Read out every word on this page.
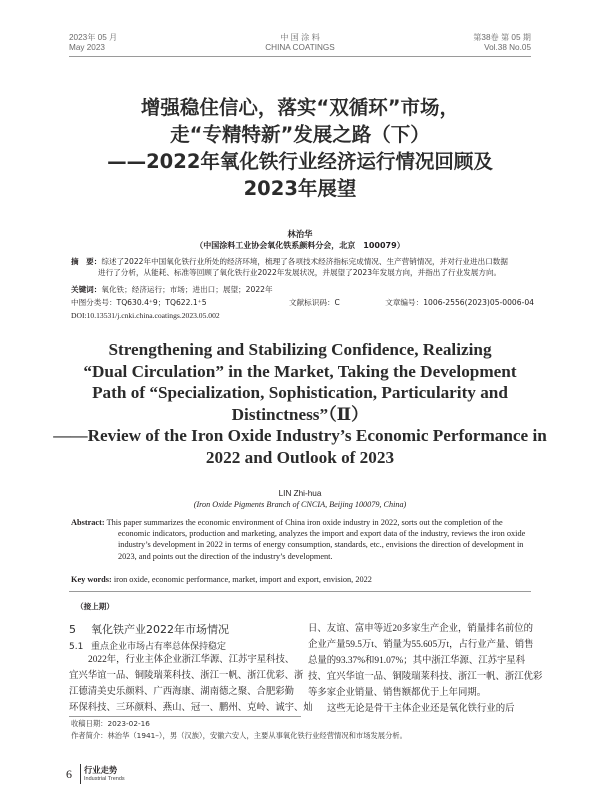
2023年 05 月
May 2023
中 国 涂 料
CHINA COATINGS
第38卷 第 05 期
Vol.38 No.05
增强稳住信心，落实“双循环”市场，
走“专精特新”发展之路（下）
——2022年氧化铁行业经济运行情况回顾及
2023年展望
林治华
（中国涂料工业协会氧化铁系颜料分会，北京　100079）
摘　要：综述了2022年中国氧化铁行业所处的经济环境，梳理了各项技术经济指标完成情况、生产营销情况，并对行业进出口数据
进行了分析，从能耗、标准等回顾了氧化铁行业2022年发展状况，并展望了2023年发展方向，并指出了行业发展方向。
关键词：氧化铁；经济运行；市场；进出口；展望；2022年
中图分类号：TQ630.4⁺9；TQ622.1⁺5	文献标识码：C	文章编号：1006-2556(2023)05-0006-04
DOI:10.13531/j.cnki.china.coatings.2023.05.002
Strengthening and Stabilizing Confidence, Realizing
“Dual Circulation” in the Market, Taking the Development
Path of “Specialization, Sophistication, Particularity and
Distinctness”（Ⅱ）
——Review of the Iron Oxide Industry’s Economic Performance in
2022 and Outlook of 2023
LIN Zhi-hua
(Iron Oxide Pigments Branch of CNCIA, Beijing 100079, China)
Abstract: This paper summarizes the economic environment of China iron oxide industry in 2022, sorts out the completion of the
economic indicators, production and marketing, analyzes the import and export data of the industry, reviews the iron oxide
industry’s development in 2022 in terms of energy consumption, standards, etc., envisions the direction of development in
2023, and points out the direction of the industry’s development.
Key words: iron oxide, economic performance, market, import and export, envision, 2022
（接上期）
5 氧化铁产业2022年市场情况
5.1 重点企业市场占有率总体保持稳定
2022年，行业主体企业浙江华源、江苏宇星科技、
宜兴华谊一品、铜陵瑞莱科技、浙江一帆、浙江优彩、浙
江德清美史乐颜料、广西海康、湖南德之聚、合肥彩勤
环保科技、三环颜料、燕山、冠一、鹏州、克岭、诚宇、灿
日、友谊、富申等近20多家生产企业，销量排名前位的
企业产量59.5万t、销量为55.605万t，占行业产量、销售
总量的93.37%和91.07%；其中浙江华源、江苏宇星科
技、宜兴华谊一品、铜陵瑞莱科技、浙江一帆、浙江优彩
等多家企业销量、销售额都优于上年同期。
这些无论是骨干主体企业还是氧化铁行业的后
收稿日期：2023-02-16
作者简介：林治华（1941–），男（汉族），安徽六安人，主要从事氧化铁行业经营情况和市场发展分析。
6 行业走势
Industrial Trends
